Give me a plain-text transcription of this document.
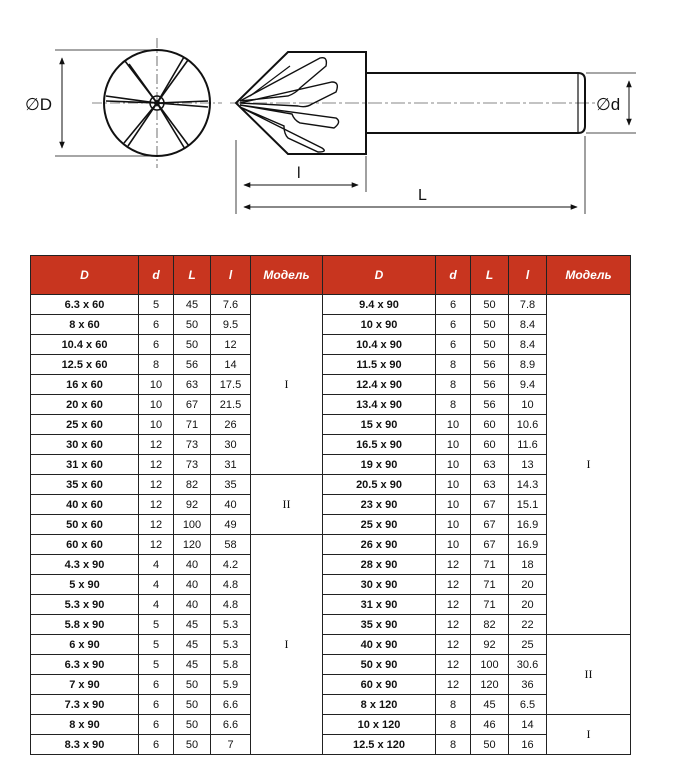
∅D	∅d
l
L
D	d	L	l	Модель	D	d	L	l	Модель
6.3 x 60	5	45	7.6	I	9.4 x 90	6	50	7.8	I
8 x 60	6	50	9.5		10 x 90	6	50	8.4	
10.4 x 60	6	50	12		10.4 x 90	6	50	8.4	
12.5 x 60	8	56	14		11.5 x 90	8	56	8.9	
16 x 60	10	63	17.5		12.4 x 90	8	56	9.4	
20 x 60	10	67	21.5		13.4 x 90	8	56	10	
25 x 60	10	71	26		15 x 90	10	60	10.6	
30 x 60	12	73	30		16.5 x 90	10	60	11.6	
31 x 60	12	73	31		19 x 90	10	63	13	
35 x 60	12	82	35	II	20.5 x 90	10	63	14.3	
40 x 60	12	92	40		23 x 90	10	67	15.1	
50 x 60	12	100	49		25 x 90	10	67	16.9	
60 x 60	12	120	58	I	26 x 90	10	67	16.9	
4.3 x 90	4	40	4.2		28 x 90	12	71	18	
5 x 90	4	40	4.8		30 x 90	12	71	20	
5.3 x 90	4	40	4.8		31 x 90	12	71	20	
5.8 x 90	5	45	5.3		35 x 90	12	82	22	
6 x 90	5	45	5.3		40 x 90	12	92	25	II
6.3 x 90	5	45	5.8		50 x 90	12	100	30.6	
7 x 90	6	50	5.9		60 x 90	12	120	36	
7.3 x 90	6	50	6.6		8 x 120	8	45	6.5	
8 x 90	6	50	6.6		10 x 120	8	46	14	I
8.3 x 90	6	50	7		12.5 x 120	8	50	16	
